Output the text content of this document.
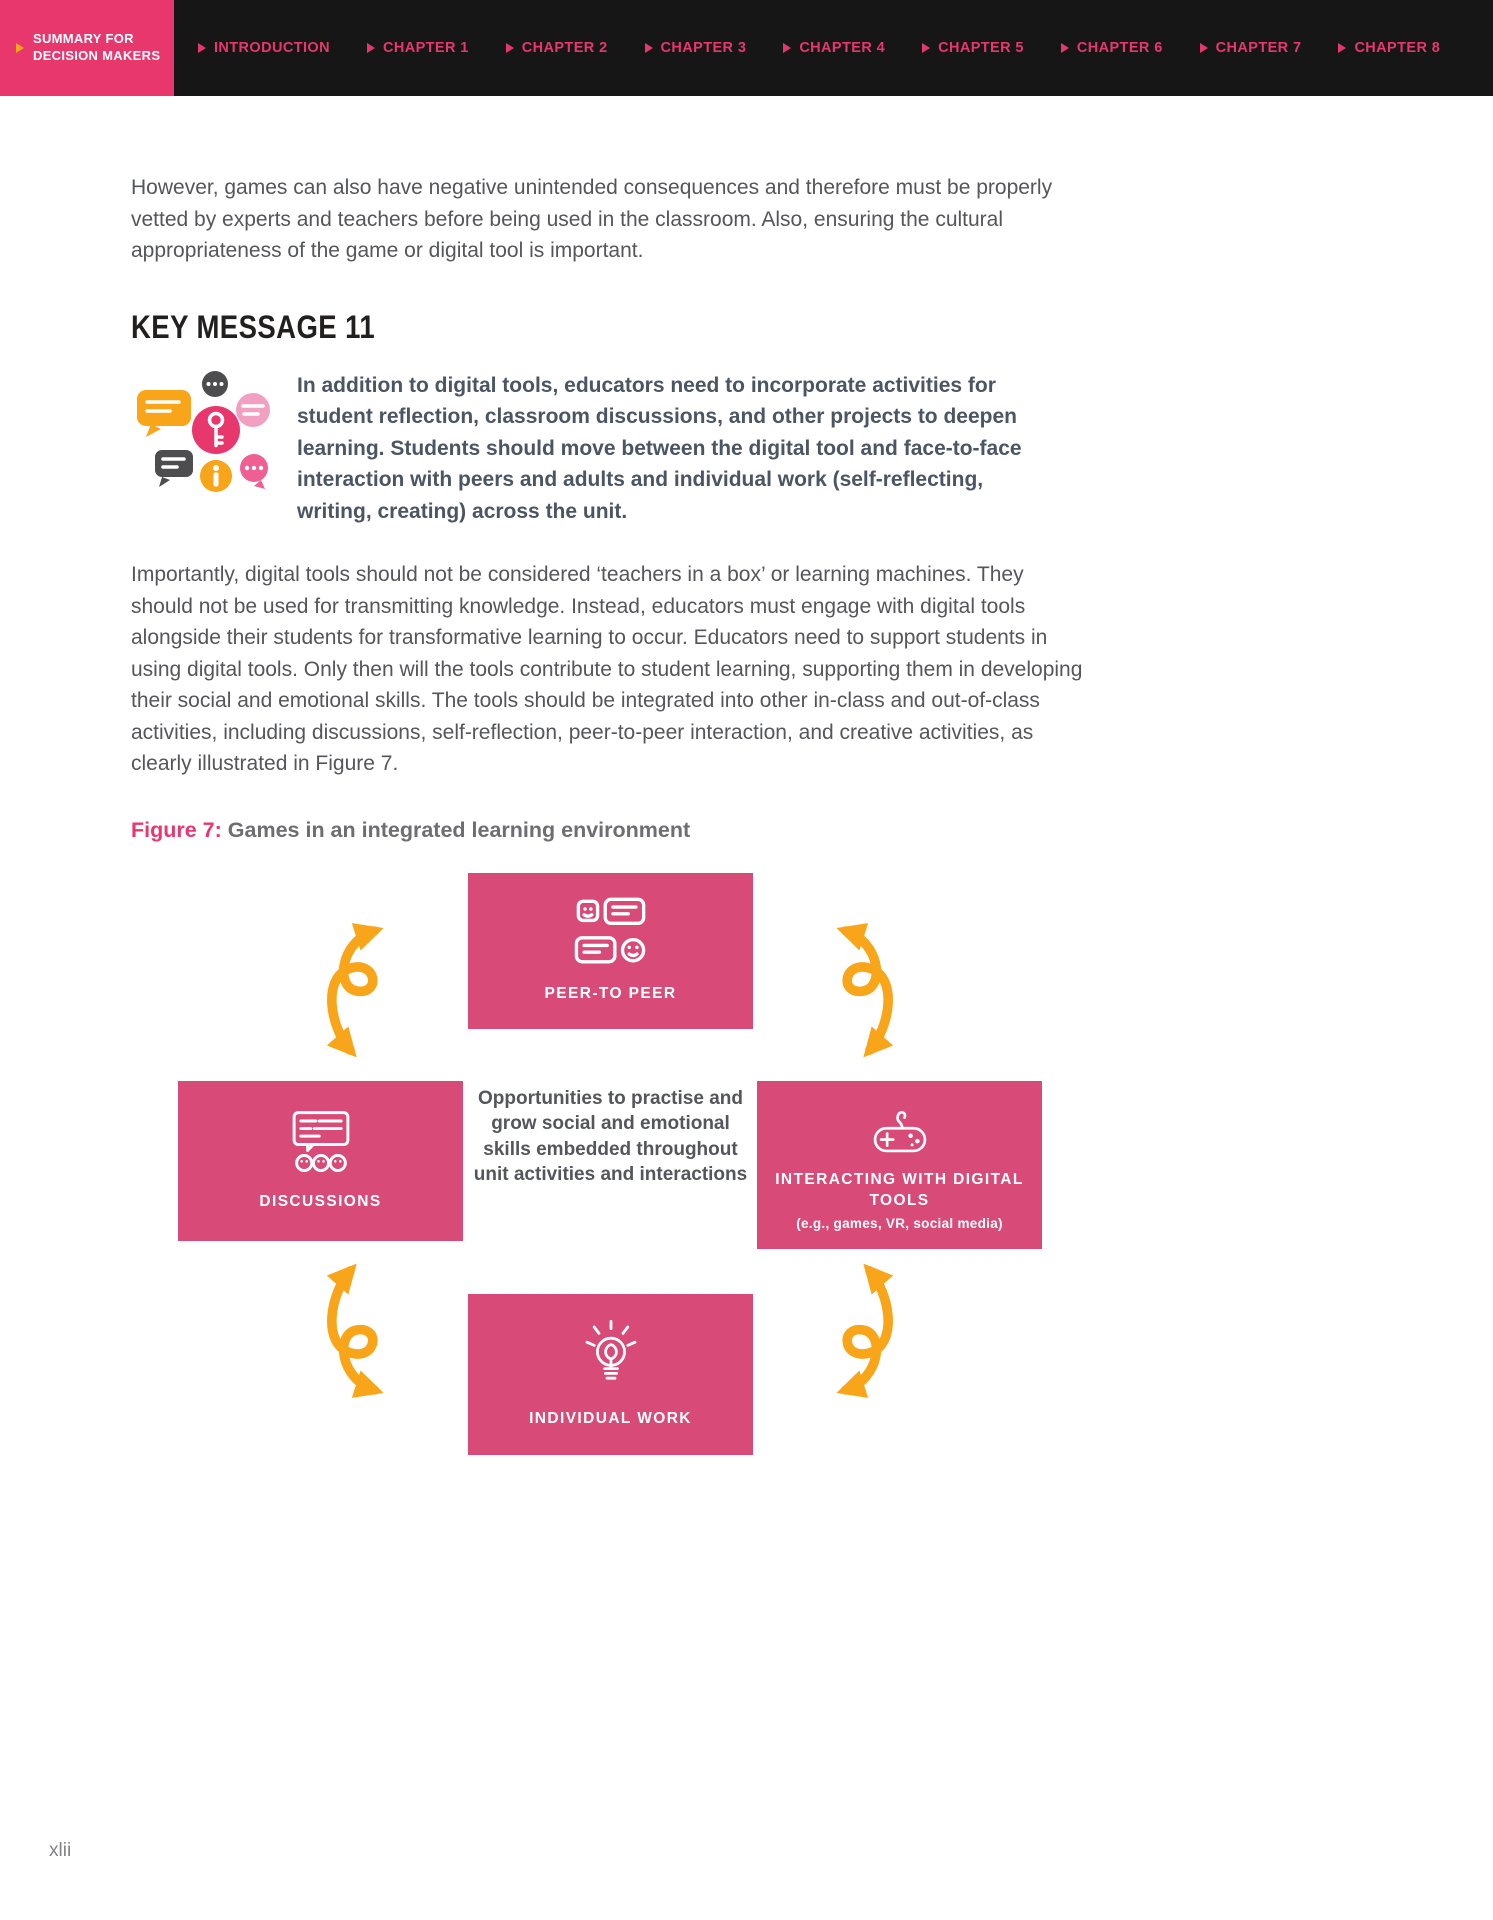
SUMMARY FOR DECISION MAKERS	INTRODUCTION	CHAPTER 1	CHAPTER 2	CHAPTER 3	CHAPTER 4	CHAPTER 5	CHAPTER 6	CHAPTER 7	CHAPTER 8

However, games can also have negative unintended consequences and therefore must be properly vetted by experts and teachers before being used in the classroom. Also, ensuring the cultural appropriateness of the game or digital tool is important.

KEY MESSAGE 11
In addition to digital tools, educators need to incorporate activities for student reflection, classroom discussions, and other projects to deepen learning. Students should move between the digital tool and face-to-face interaction with peers and adults and individual work (self-reflecting, writing, creating) across the unit.

Importantly, digital tools should not be considered ‘teachers in a box’ or learning machines. They should not be used for transmitting knowledge. Instead, educators must engage with digital tools alongside their students for transformative learning to occur. Educators need to support students in using digital tools. Only then will the tools contribute to student learning, supporting them in developing their social and emotional skills. The tools should be integrated into other in-class and out-of-class activities, including discussions, self-reflection, peer-to-peer interaction, and creative activities, as clearly illustrated in Figure 7.

Figure 7: Games in an integrated learning environment
PEER-TO PEER
DISCUSSIONS
INTERACTING WITH DIGITAL TOOLS
(e.g., games, VR, social media)
INDIVIDUAL WORK
Opportunities to practise and grow social and emotional skills embedded throughout unit activities and interactions
xlii
